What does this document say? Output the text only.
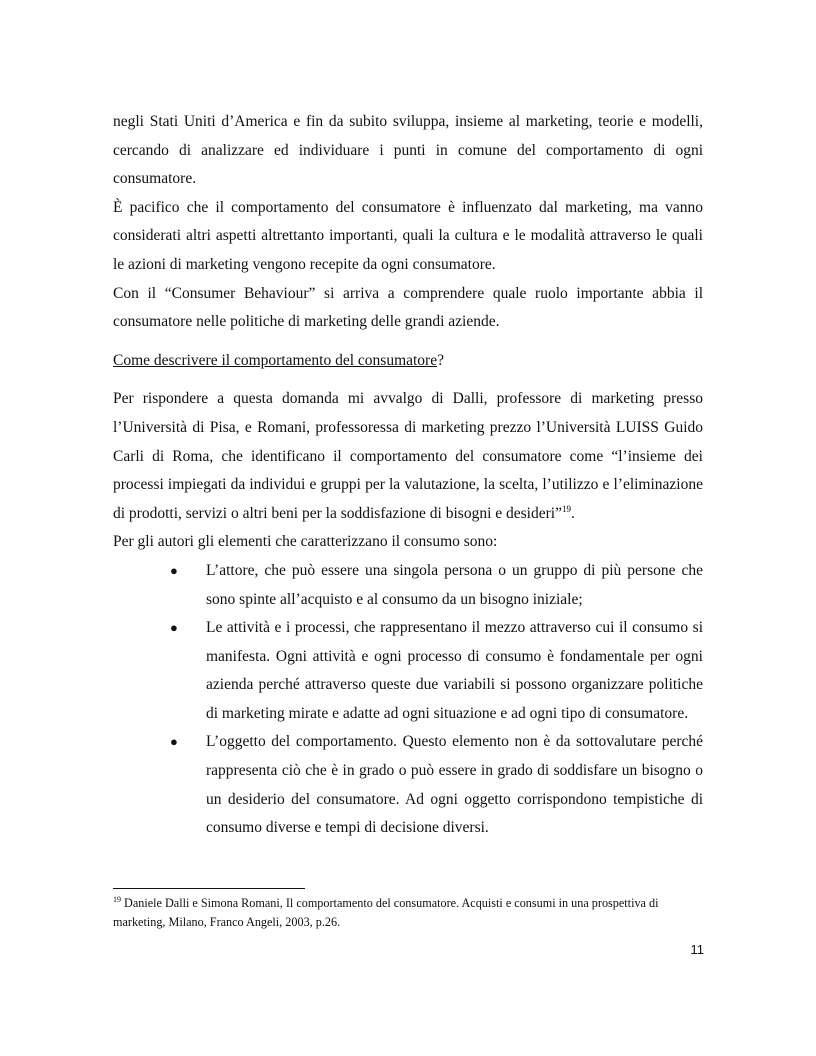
negli Stati Uniti d’America e fin da subito sviluppa, insieme al marketing, teorie e modelli, cercando di analizzare ed individuare i punti in comune del comportamento di ogni consumatore.

È pacifico che il comportamento del consumatore è influenzato dal marketing, ma vanno considerati altri aspetti altrettanto importanti, quali la cultura e le modalità attraverso le quali le azioni di marketing vengono recepite da ogni consumatore.

Con il “Consumer Behaviour” si arriva a comprendere quale ruolo importante abbia il consumatore nelle politiche di marketing delle grandi aziende.

Come descrivere il comportamento del consumatore?

Per rispondere a questa domanda mi avvalgo di Dalli, professore di marketing presso l’Università di Pisa, e Romani, professoressa di marketing prezzo l’Università LUISS Guido Carli di Roma, che identificano il comportamento del consumatore come “l’insieme dei processi impiegati da individui e gruppi per la valutazione, la scelta, l’utilizzo e l’eliminazione di prodotti, servizi o altri beni per la soddisfazione di bisogni e desideri”$^{19}$.

Per gli autori gli elementi che caratterizzano il consumo sono:

● L’attore, che può essere una singola persona o un gruppo di più persone che sono spinte all’acquisto e al consumo da un bisogno iniziale;
● Le attività e i processi, che rappresentano il mezzo attraverso cui il consumo si manifesta. Ogni attività e ogni processo di consumo è fondamentale per ogni azienda perché attraverso queste due variabili si possono organizzare politiche di marketing mirate e adatte ad ogni situazione e ad ogni tipo di consumatore.
● L’oggetto del comportamento. Questo elemento non è da sottovalutare perché rappresenta ciò che è in grado o può essere in grado di soddisfare un bisogno o un desiderio del consumatore. Ad ogni oggetto corrispondono tempistiche di consumo diverse e tempi di decisione diversi.

$^{19}$ Daniele Dalli e Simona Romani, Il comportamento del consumatore. Acquisti e consumi in una prospettiva di marketing, Milano, Franco Angeli, 2003, p.26.

11
